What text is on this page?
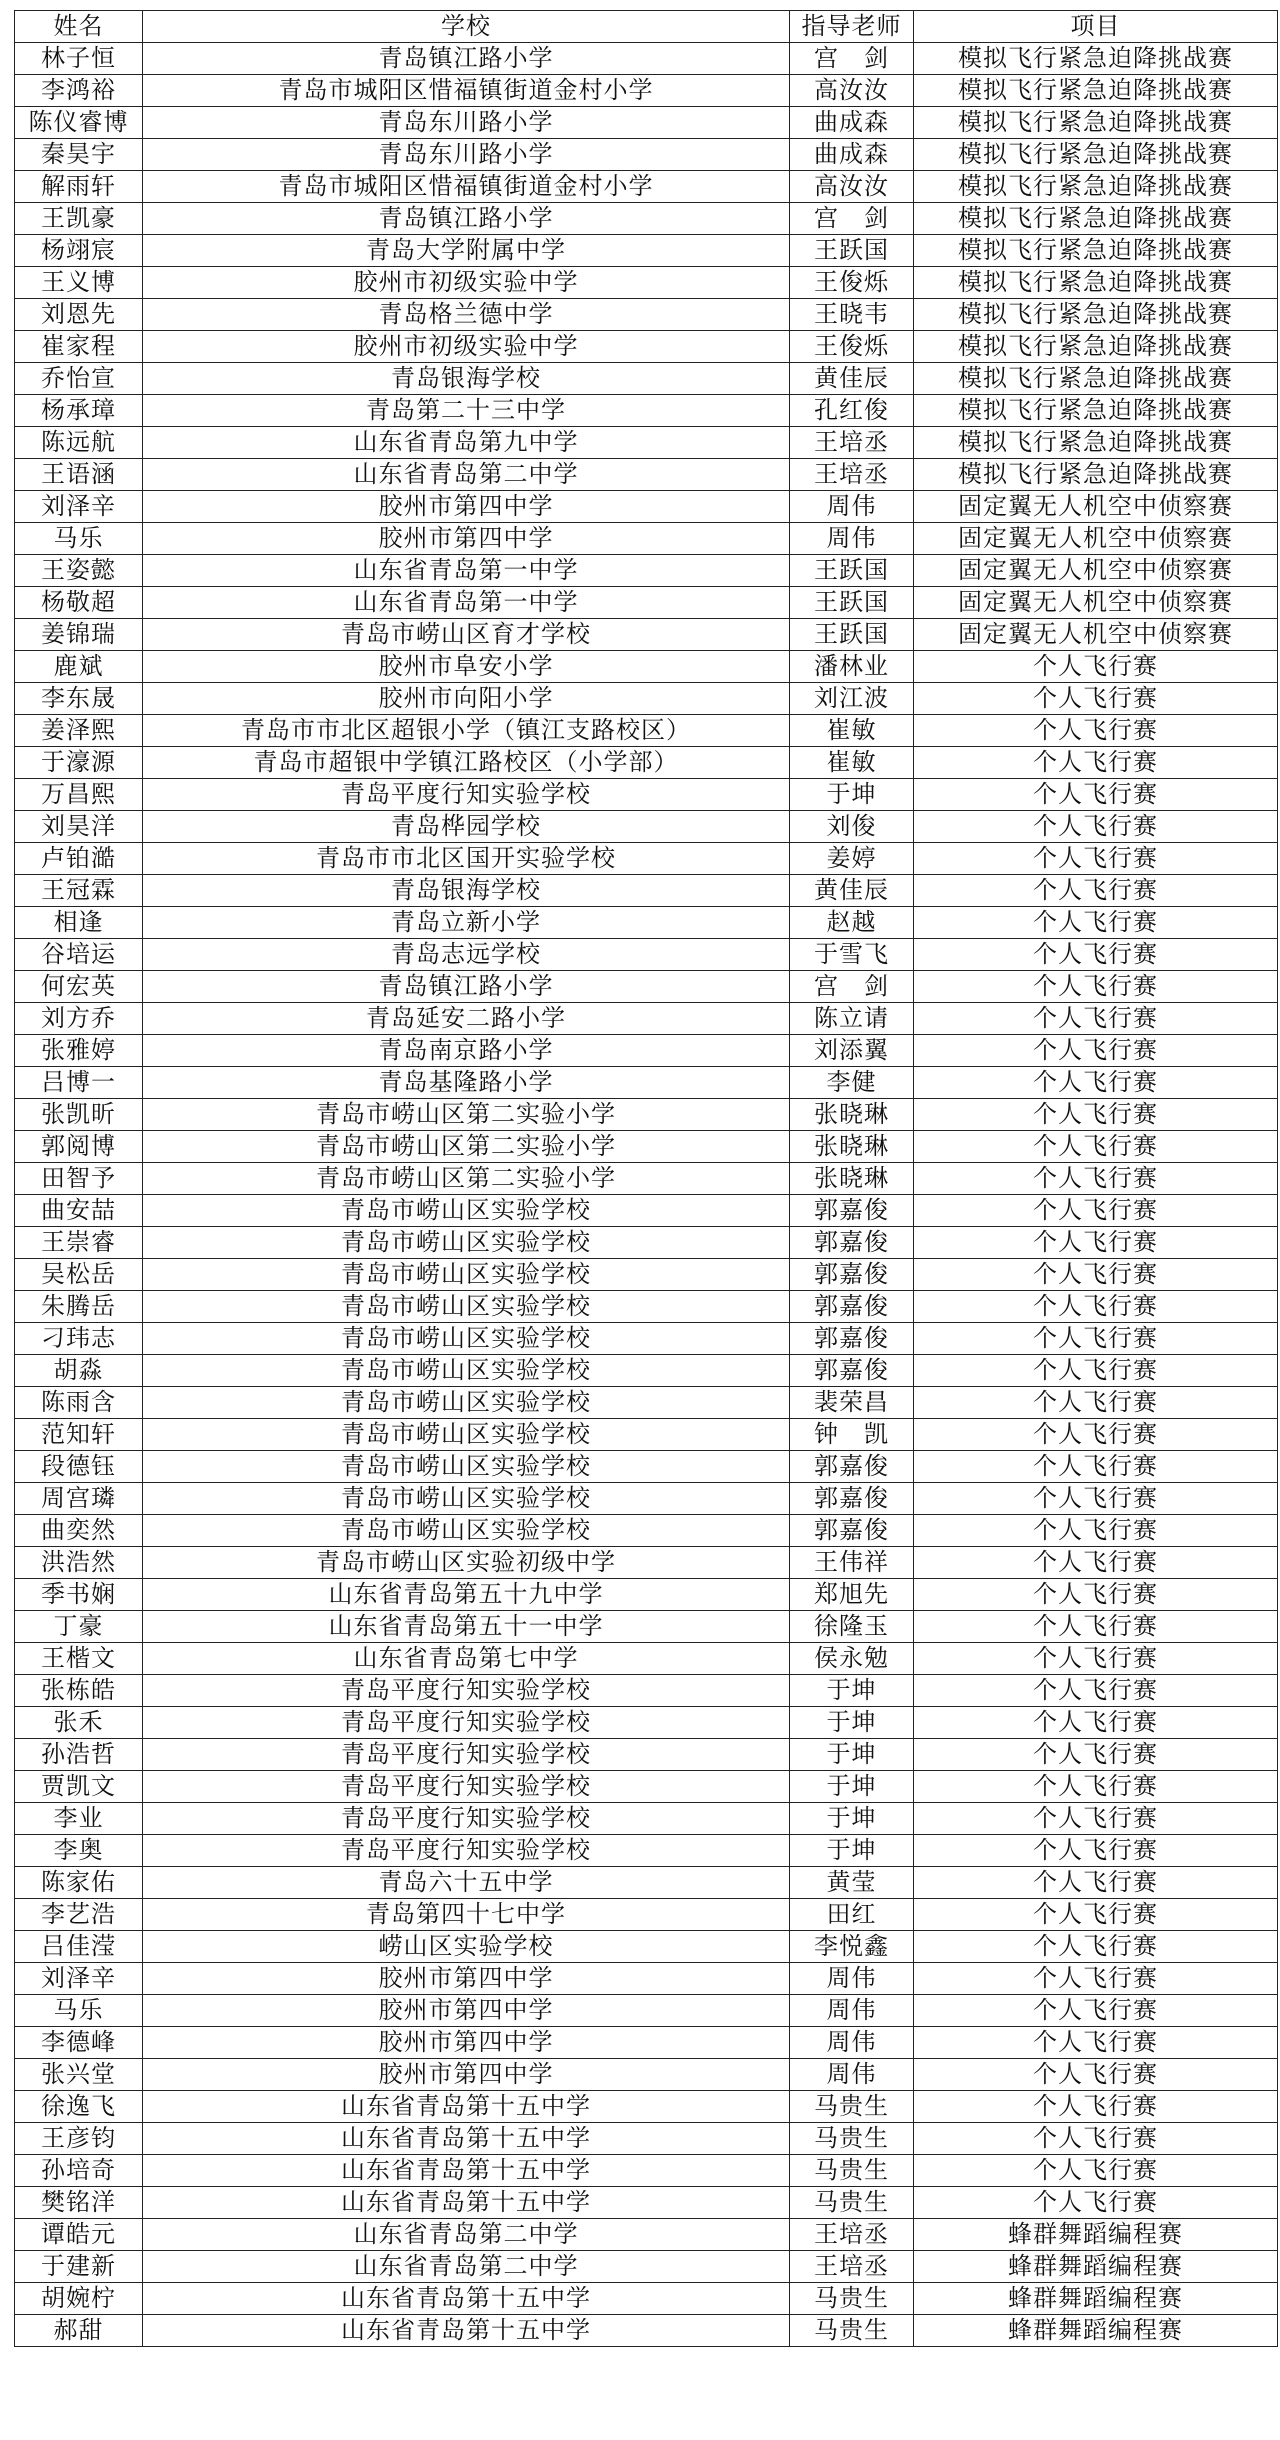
姓名	学校	指导老师	项目
林子恒	青岛镇江路小学	宫　剑	模拟飞行紧急迫降挑战赛
李鸿裕	青岛市城阳区惜福镇街道金村小学	高汝汝	模拟飞行紧急迫降挑战赛
陈仪睿博	青岛东川路小学	曲成森	模拟飞行紧急迫降挑战赛
秦昊宇	青岛东川路小学	曲成森	模拟飞行紧急迫降挑战赛
解雨轩	青岛市城阳区惜福镇街道金村小学	高汝汝	模拟飞行紧急迫降挑战赛
王凯豪	青岛镇江路小学	宫　剑	模拟飞行紧急迫降挑战赛
杨翊宸	青岛大学附属中学	王跃国	模拟飞行紧急迫降挑战赛
王义博	胶州市初级实验中学	王俊烁	模拟飞行紧急迫降挑战赛
刘恩先	青岛格兰德中学	王晓韦	模拟飞行紧急迫降挑战赛
崔家程	胶州市初级实验中学	王俊烁	模拟飞行紧急迫降挑战赛
乔怡宣	青岛银海学校	黄佳辰	模拟飞行紧急迫降挑战赛
杨承璋	青岛第二十三中学	孔红俊	模拟飞行紧急迫降挑战赛
陈远航	山东省青岛第九中学	王培丞	模拟飞行紧急迫降挑战赛
王语涵	山东省青岛第二中学	王培丞	模拟飞行紧急迫降挑战赛
刘泽辛	胶州市第四中学	周伟	固定翼无人机空中侦察赛
马乐	胶州市第四中学	周伟	固定翼无人机空中侦察赛
王姿懿	山东省青岛第一中学	王跃国	固定翼无人机空中侦察赛
杨敬超	山东省青岛第一中学	王跃国	固定翼无人机空中侦察赛
姜锦瑞	青岛市崂山区育才学校	王跃国	固定翼无人机空中侦察赛
鹿斌	胶州市阜安小学	潘林业	个人飞行赛
李东晟	胶州市向阳小学	刘江波	个人飞行赛
姜泽熙	青岛市市北区超银小学（镇江支路校区）	崔敏	个人飞行赛
于濠源	青岛市超银中学镇江路校区（小学部）	崔敏	个人飞行赛
万昌熙	青岛平度行知实验学校	于坤	个人飞行赛
刘昊洋	青岛桦园学校	刘俊	个人飞行赛
卢铂澔	青岛市市北区国开实验学校	姜婷	个人飞行赛
王冠霖	青岛银海学校	黄佳辰	个人飞行赛
相逢	青岛立新小学	赵越	个人飞行赛
谷培运	青岛志远学校	于雪飞	个人飞行赛
何宏英	青岛镇江路小学	宫　剑	个人飞行赛
刘方乔	青岛延安二路小学	陈立请	个人飞行赛
张雅婷	青岛南京路小学	刘添翼	个人飞行赛
吕博一	青岛基隆路小学	李健	个人飞行赛
张凯昕	青岛市崂山区第二实验小学	张晓琳	个人飞行赛
郭阅博	青岛市崂山区第二实验小学	张晓琳	个人飞行赛
田智予	青岛市崂山区第二实验小学	张晓琳	个人飞行赛
曲安喆	青岛市崂山区实验学校	郭嘉俊	个人飞行赛
王崇睿	青岛市崂山区实验学校	郭嘉俊	个人飞行赛
吴松岳	青岛市崂山区实验学校	郭嘉俊	个人飞行赛
朱腾岳	青岛市崂山区实验学校	郭嘉俊	个人飞行赛
刁玮志	青岛市崂山区实验学校	郭嘉俊	个人飞行赛
胡淼	青岛市崂山区实验学校	郭嘉俊	个人飞行赛
陈雨含	青岛市崂山区实验学校	裴荣昌	个人飞行赛
范知轩	青岛市崂山区实验学校	钟　凯	个人飞行赛
段德钰	青岛市崂山区实验学校	郭嘉俊	个人飞行赛
周宫璘	青岛市崂山区实验学校	郭嘉俊	个人飞行赛
曲奕然	青岛市崂山区实验学校	郭嘉俊	个人飞行赛
洪浩然	青岛市崂山区实验初级中学	王伟祥	个人飞行赛
季书娴	山东省青岛第五十九中学	郑旭先	个人飞行赛
丁豪	山东省青岛第五十一中学	徐隆玉	个人飞行赛
王楷文	山东省青岛第七中学	侯永勉	个人飞行赛
张栋皓	青岛平度行知实验学校	于坤	个人飞行赛
张禾	青岛平度行知实验学校	于坤	个人飞行赛
孙浩哲	青岛平度行知实验学校	于坤	个人飞行赛
贾凯文	青岛平度行知实验学校	于坤	个人飞行赛
李业	青岛平度行知实验学校	于坤	个人飞行赛
李奥	青岛平度行知实验学校	于坤	个人飞行赛
陈家佑	青岛六十五中学	黄莹	个人飞行赛
李艺浩	青岛第四十七中学	田红	个人飞行赛
吕佳滢	崂山区实验学校	李悦鑫	个人飞行赛
刘泽辛	胶州市第四中学	周伟	个人飞行赛
马乐	胶州市第四中学	周伟	个人飞行赛
李德峰	胶州市第四中学	周伟	个人飞行赛
张兴堂	胶州市第四中学	周伟	个人飞行赛
徐逸飞	山东省青岛第十五中学	马贵生	个人飞行赛
王彦钧	山东省青岛第十五中学	马贵生	个人飞行赛
孙培奇	山东省青岛第十五中学	马贵生	个人飞行赛
樊铭洋	山东省青岛第十五中学	马贵生	个人飞行赛
谭皓元	山东省青岛第二中学	王培丞	蜂群舞蹈编程赛
于建新	山东省青岛第二中学	王培丞	蜂群舞蹈编程赛
胡婉柠	山东省青岛第十五中学	马贵生	蜂群舞蹈编程赛
郝甜	山东省青岛第十五中学	马贵生	蜂群舞蹈编程赛
